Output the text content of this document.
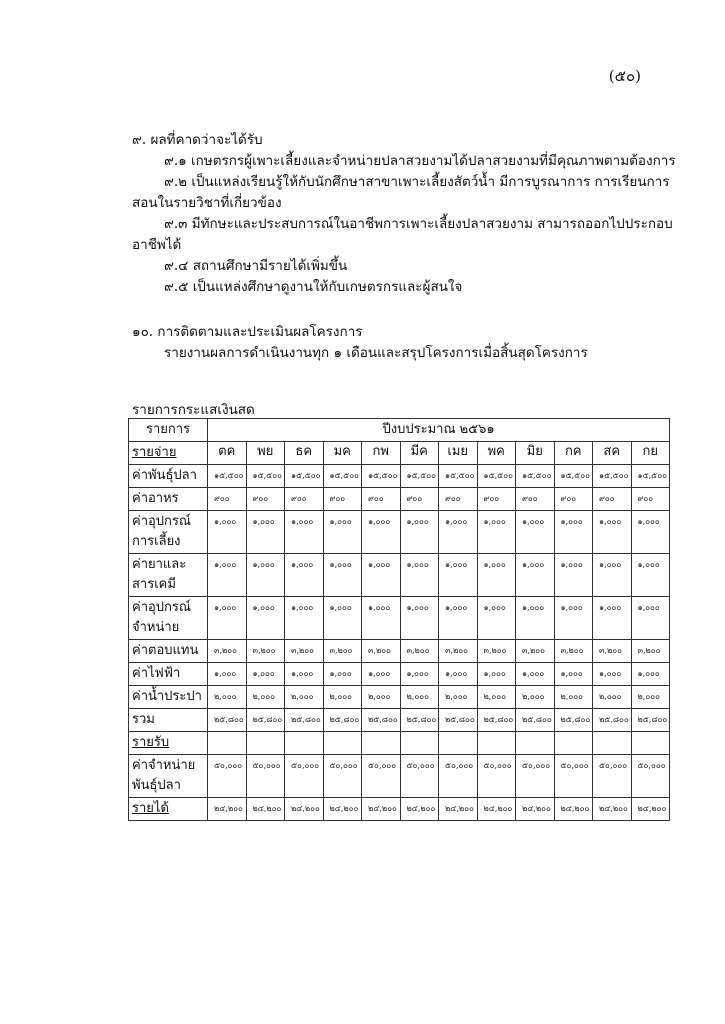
(๕๐)
๙. ผลที่คาดว่าจะได้รับ
๙.๑ เกษตรกรผู้เพาะเลี้ยงและจำหน่ายปลาสวยงามได้ปลาสวยงามที่มีคุณภาพตามต้องการ
๙.๒ เป็นแหล่งเรียนรู้ให้กับนักศึกษาสาขาเพาะเลี้ยงสัตว์น้ำ มีการบูรณาการ การเรียนการ
สอนในรายวิชาที่เกี่ยวข้อง
๙.๓ มีทักษะและประสบการณ์ในอาชีพการเพาะเลี้ยงปลาสวยงาม สามารถออกไปประกอบ
อาชีพได้
๙.๔ สถานศึกษามีรายได้เพิ่มขึ้น
๙.๕ เป็นแหล่งศึกษาดูงานให้กับเกษตรกรและผู้สนใจ
๑๐. การติดตามและประเมินผลโครงการ
รายงานผลการดำเนินงานทุก ๑ เดือนและสรุปโครงการเมื่อสิ้นสุดโครงการ
รายการกระแสเงินสด
รายการ	ปีงบประมาณ ๒๕๖๑											
รายจ่าย	ตค	พย	ธค	มค	กพ	มีค	เมย	พค	มิย	กค	สค	กย

ค่าพันธุ์ปลา	๑๕,๕๐๐	๑๕,๕๐๐	๑๕,๕๐๐	๑๕,๕๐๐	๑๕,๕๐๐	๑๕,๕๐๐	๑๕,๕๐๐	๑๕,๕๐๐	๑๕,๕๐๐	๑๕,๕๐๐	๑๕,๕๐๐	๑๕,๕๐๐

ค่าอาหร	๙๐๐	๙๐๐	๙๐๐	๙๐๐	๙๐๐	๙๐๐	๙๐๐	๙๐๐	๙๐๐	๙๐๐	๙๐๐	๙๐๐

ค่าอุปกรณ์
การเลี้ยง	๑,๐๐๐	๑,๐๐๐	๑,๐๐๐	๑,๐๐๐	๑,๐๐๐	๑,๐๐๐	๑,๐๐๐	๑,๐๐๐	๑,๐๐๐	๑,๐๐๐	๑,๐๐๐	๑,๐๐๐

ค่ายาและ
สารเคมี	๑,๐๐๐	๑,๐๐๐	๑,๐๐๐	๑,๐๐๐	๑,๐๐๐	๑,๐๐๐	๑,๐๐๐	๑,๐๐๐	๑,๐๐๐	๑,๐๐๐	๑,๐๐๐	๑,๐๐๐

ค่าอุปกรณ์
จำหน่าย	๑,๐๐๐	๑,๐๐๐	๑,๐๐๐	๑,๐๐๐	๑,๐๐๐	๑,๐๐๐	๑,๐๐๐	๑,๐๐๐	๑,๐๐๐	๑,๐๐๐	๑,๐๐๐	๑,๐๐๐

ค่าตอบแทน	๓,๒๐๐	๓,๒๐๐	๓,๒๐๐	๓,๒๐๐	๓,๒๐๐	๓,๒๐๐	๓,๒๐๐	๓,๒๐๐	๓,๒๐๐	๓,๒๐๐	๓,๒๐๐	๓,๒๐๐

ค่าไฟฟ้า	๑,๐๐๐	๑,๐๐๐	๑,๐๐๐	๑,๐๐๐	๑,๐๐๐	๑,๐๐๐	๑,๐๐๐	๑,๐๐๐	๑,๐๐๐	๑,๐๐๐	๑,๐๐๐	๑,๐๐๐

ค่าน้ำประปา	๒,๐๐๐	๒,๐๐๐	๒,๐๐๐	๒,๐๐๐	๒,๐๐๐	๒,๐๐๐	๒,๐๐๐	๒,๐๐๐	๒,๐๐๐	๒,๐๐๐	๒,๐๐๐	๒,๐๐๐

รวม	๒๕,๘๐๐	๒๕,๘๐๐	๒๕,๘๐๐	๒๕,๘๐๐	๒๕,๘๐๐	๒๕,๘๐๐	๒๕,๘๐๐	๒๕,๘๐๐	๒๕,๘๐๐	๒๕,๘๐๐	๒๕,๘๐๐	๒๕,๘๐๐
รายรับ												

ค่าจำหน่าย
พันธุ์ปลา	๕๐,๐๐๐	๕๐,๐๐๐	๕๐,๐๐๐	๕๐,๐๐๐	๕๐,๐๐๐	๕๐,๐๐๐	๕๐,๐๐๐	๕๐,๐๐๐	๕๐,๐๐๐	๕๐,๐๐๐	๕๐,๐๐๐	๕๐,๐๐๐
รายได้	๒๔,๒๐๐	๒๔,๒๐๐	๒๔,๒๐๐	๒๔,๒๐๐	๒๔,๒๐๐	๒๔,๒๐๐	๒๔,๒๐๐	๒๔,๒๐๐	๒๔,๒๐๐	๒๔,๒๐๐	๒๔,๒๐๐	๒๔,๒๐๐
